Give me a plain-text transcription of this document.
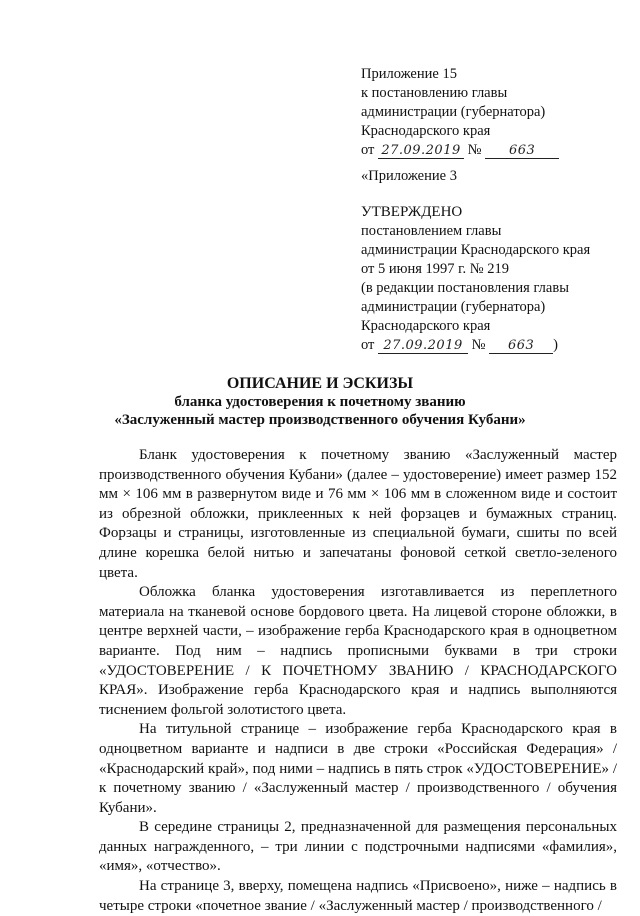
Приложение 15
к постановлению главы
администрации (губернатора)
Краснодарского края
от 27.09.2019 № 663
«Приложение 3
УТВЕРЖДЕНО
постановлением главы
администрации Краснодарского края
от 5 июня 1997 г. № 219
(в редакции постановления главы
администрации (губернатора)
Краснодарского края
от 27.09.2019 № 663 )
ОПИСАНИЕ И ЭСКИЗЫ
бланка удостоверения к почетному званию
«Заслуженный мастер производственного обучения Кубани»

Бланк удостоверения к почетному званию «Заслуженный мастер производственного обучения Кубани» (далее – удостоверение) имеет размер 152 мм × 106 мм в развернутом виде и 76 мм × 106 мм в сложенном виде и состоит из обрезной обложки, приклеенных к ней форзацев и бумажных страниц. Форзацы и страницы, изготовленные из специальной бумаги, сшиты по всей длине корешка белой нитью и запечатаны фоновой сеткой светло-зеленого цвета.

Обложка бланка удостоверения изготавливается из переплетного материала на тканевой основе бордового цвета. На лицевой стороне обложки, в центре верхней части, – изображение герба Краснодарского края в одноцветном варианте. Под ним – надпись прописными буквами в три строки «УДОСТОВЕРЕНИЕ / К ПОЧЕТНОМУ ЗВАНИЮ / КРАСНОДАРСКОГО КРАЯ». Изображение герба Краснодарского края и надпись выполняются тиснением фольгой золотистого цвета.

На титульной странице – изображение герба Краснодарского края в одноцветном варианте и надписи в две строки «Российская Федерация» / «Краснодарский край», под ними – надпись в пять строк «УДОСТОВЕРЕНИЕ» / к почетному званию / «Заслуженный мастер / производственного / обучения Кубани».

В середине страницы 2, предназначенной для размещения персональных данных награжденного, – три линии с подстрочными надписями «фамилия», «имя», «отчество».

На странице 3, вверху, помещена надпись «Присвоено», ниже – надпись в четыре строки «почетное звание / «Заслуженный мастер / производственного /
